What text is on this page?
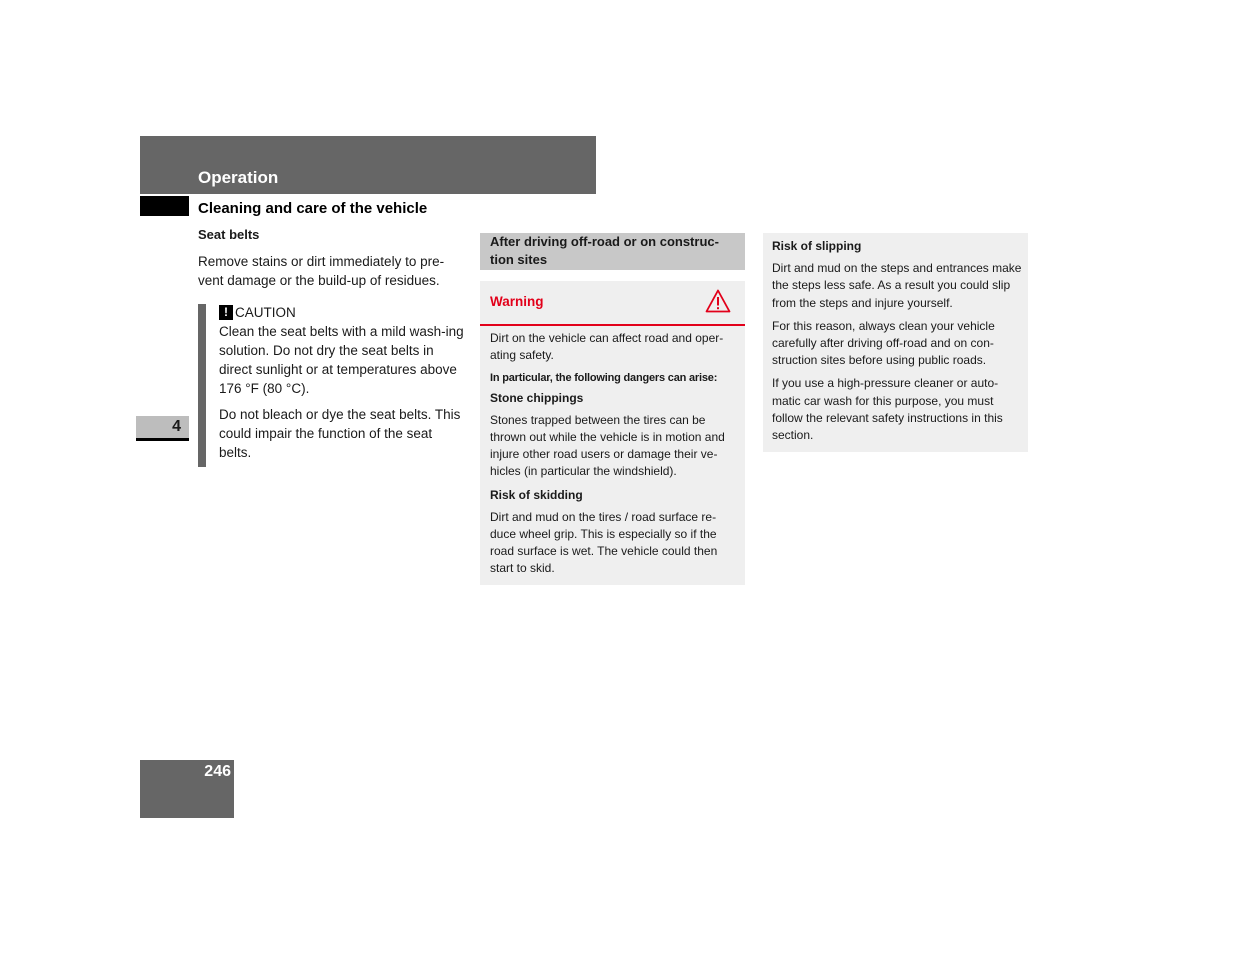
Operation
Cleaning and care of the vehicle
Seat belts
Remove stains or dirt immediately to pre-vent damage or the build-up of residues.
! CAUTION

Clean the seat belts with a mild wash-ing solution. Do not dry the seat belts in direct sunlight or at temperatures above 176 °F (80 °C).

Do not bleach or dye the seat belts. This could impair the function of the seat belts.

4
246
After driving off-road or on construc-tion sites
Warning

Dirt on the vehicle can affect road and oper-ating safety.

In particular, the following dangers can arise:

Stone chippings

Stones trapped between the tires can be thrown out while the vehicle is in motion and injure other road users or damage their ve-hicles (in particular the windshield).

Risk of skidding

Dirt and mud on the tires / road surface re-duce wheel grip. This is especially so if the road surface is wet. The vehicle could then start to skid.

Risk of slipping

Dirt and mud on the steps and entrances make the steps less safe. As a result you could slip from the steps and injure yourself.

For this reason, always clean your vehicle carefully after driving off-road and on con-struction sites before using public roads.

If you use a high-pressure cleaner or auto-matic car wash for this purpose, you must follow the relevant safety instructions in this section.
